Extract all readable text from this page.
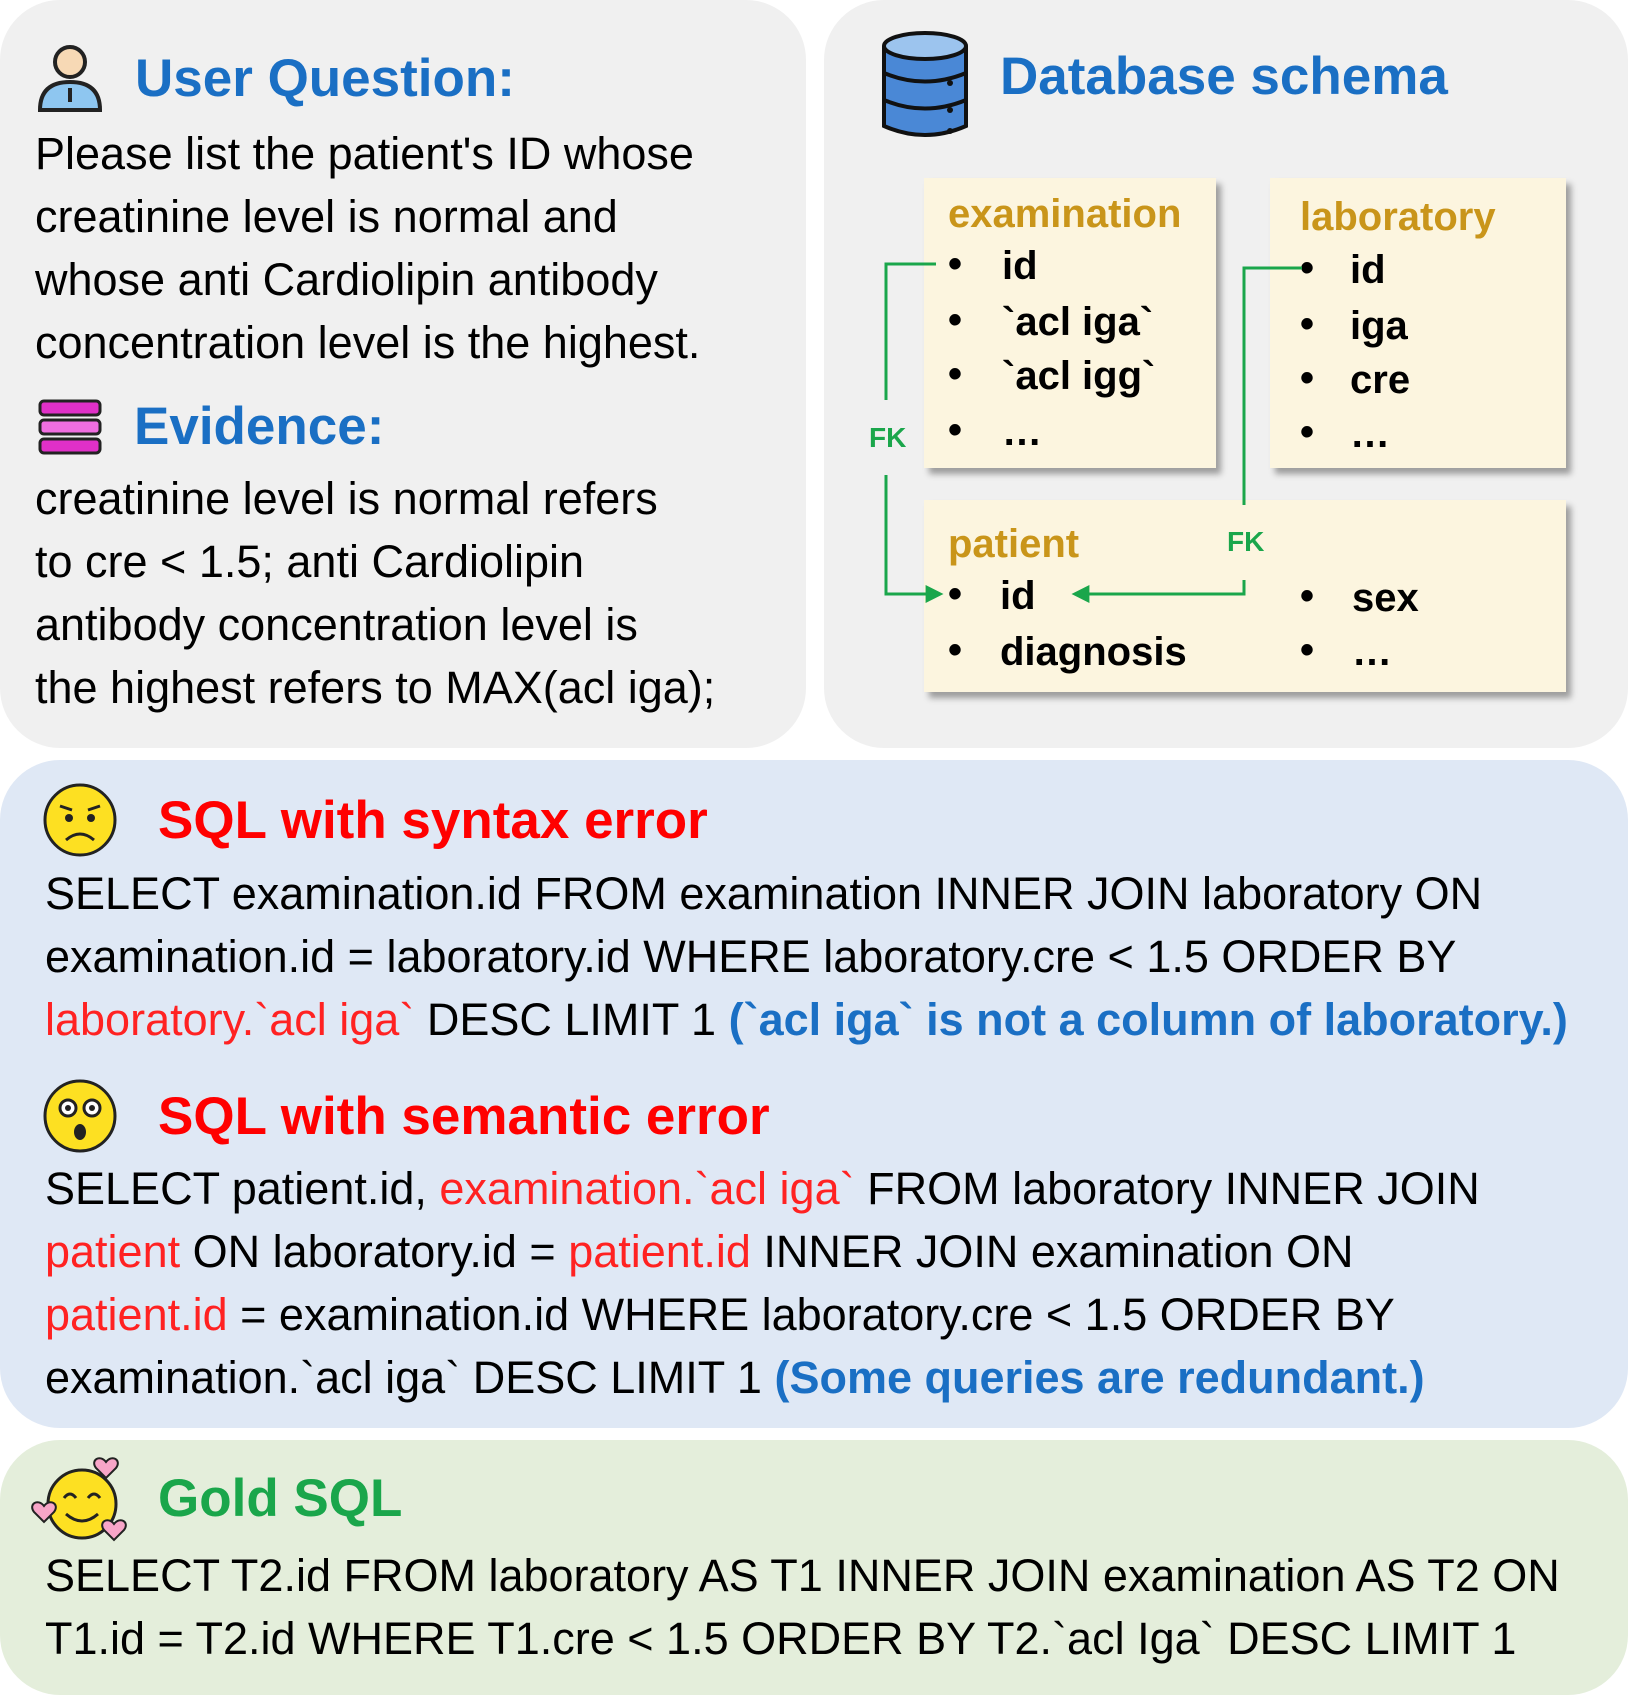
User Question:
Please list the patient's ID whose
creatinine level is normal and
whose anti Cardiolipin antibody
concentration level is the highest.
Evidence:
creatinine level is normal refers
to cre < 1.5; anti Cardiolipin
antibody concentration level is
the highest refers to MAX(acl iga);
Database schema
examination
•
•
•
•
id
`acl iga`
`acl igg`
…
laboratory
•
•
•
•
id
iga
cre
…
patient
•
•
•
•
id
diagnosis
sex
…
FK
FK
SQL with syntax error
SELECT examination.id FROM examination INNER JOIN laboratory ON
examination.id = laboratory.id WHERE laboratory.cre < 1.5 ORDER BY
laboratory.`acl iga` DESC LIMIT 1 (`acl iga` is not a column of laboratory.)
SQL with semantic error
SELECT patient.id, examination.`acl iga` FROM laboratory INNER JOIN
patient ON laboratory.id = patient.id INNER JOIN examination ON
patient.id = examination.id WHERE laboratory.cre < 1.5 ORDER BY
examination.`acl iga` DESC LIMIT 1 (Some queries are redundant.)
Gold SQL
SELECT T2.id FROM laboratory AS T1 INNER JOIN examination AS T2 ON
T1.id = T2.id WHERE T1.cre < 1.5 ORDER BY T2.`acl Iga` DESC LIMIT 1
